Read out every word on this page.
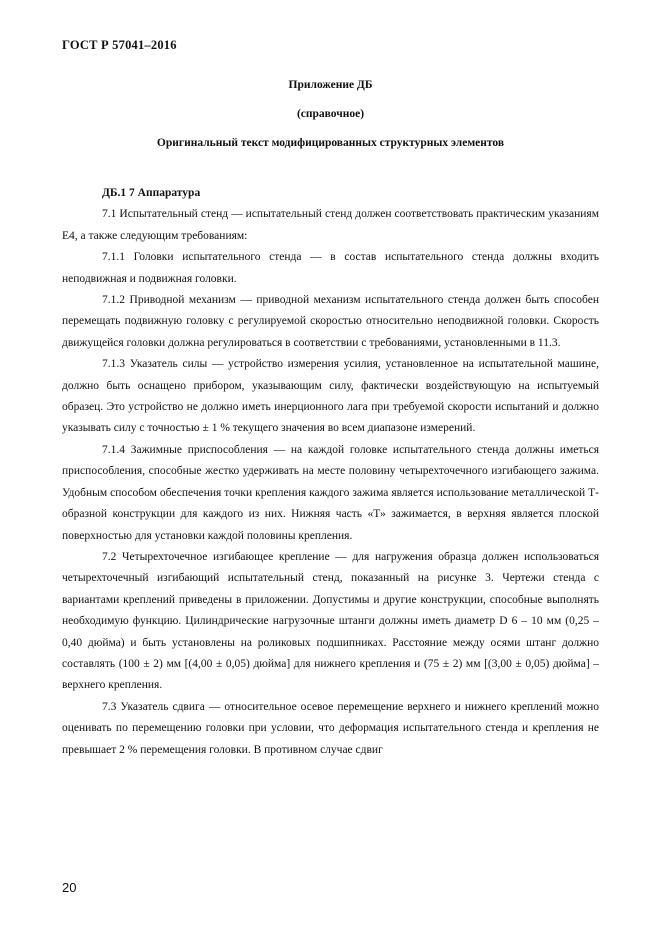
ГОСТ Р 57041–2016
Приложение ДБ
(справочное)
Оригинальный текст модифицированных структурных элементов

ДБ.1 7 Аппаратура

7.1 Испытательный стенд — испытательный стенд должен соответствовать практическим указаниям E4, а также следующим требованиям:

7.1.1 Головки испытательного стенда — в состав испытательного стенда должны входить неподвижная и подвижная головки.

7.1.2 Приводной механизм — приводной механизм испытательного стенда должен быть способен перемещать подвижную головку с регулируемой скоростью относительно неподвижной головки. Скорость движущейся головки должна регулироваться в соответствии с требованиями, установленными в 11.3.

7.1.3 Указатель силы — устройство измерения усилия, установленное на испытательной машине, должно быть оснащено прибором, указывающим силу, фактически воздействующую на испытуемый образец. Это устройство не должно иметь инерционного лага при требуемой скорости испытаний и должно указывать силу с точностью ± 1 % текущего значения во всем диапазоне измерений.

7.1.4 Зажимные приспособления — на каждой головке испытательного стенда должны иметься приспособления, способные жестко удерживать на месте половину четырехточечного изгибающего зажима. Удобным способом обеспечения точки крепления каждого зажима является использование металлической Т-образной конструкции для каждого из них. Нижняя часть «Т» зажимается, в верхняя является плоской поверхностью для установки каждой половины крепления.

7.2 Четырехточечное изгибающее крепление — для нагружения образца должен использоваться четырехточечный изгибающий испытательный стенд, показанный на рисунке 3. Чертежи стенда с вариантами креплений приведены в приложении. Допустимы и другие конструкции, способные выполнять необходимую функцию. Цилиндрические нагрузочные штанги должны иметь диаметр D 6 – 10 мм (0,25 – 0,40 дюйма) и быть установлены на роликовых подшипниках. Расстояние между осями штанг должно составлять (100 ± 2) мм [(4,00 ± 0,05) дюйма] для нижнего крепления и (75 ± 2) мм [(3,00 ± 0,05) дюйма] –верхнего крепления.

7.3 Указатель сдвига — относительное осевое перемещение верхнего и нижнего креплений можно оценивать по перемещению головки при условии, что деформация испытательного стенда и крепления не превышает 2 % перемещения головки. В противном случае сдвиг

20
